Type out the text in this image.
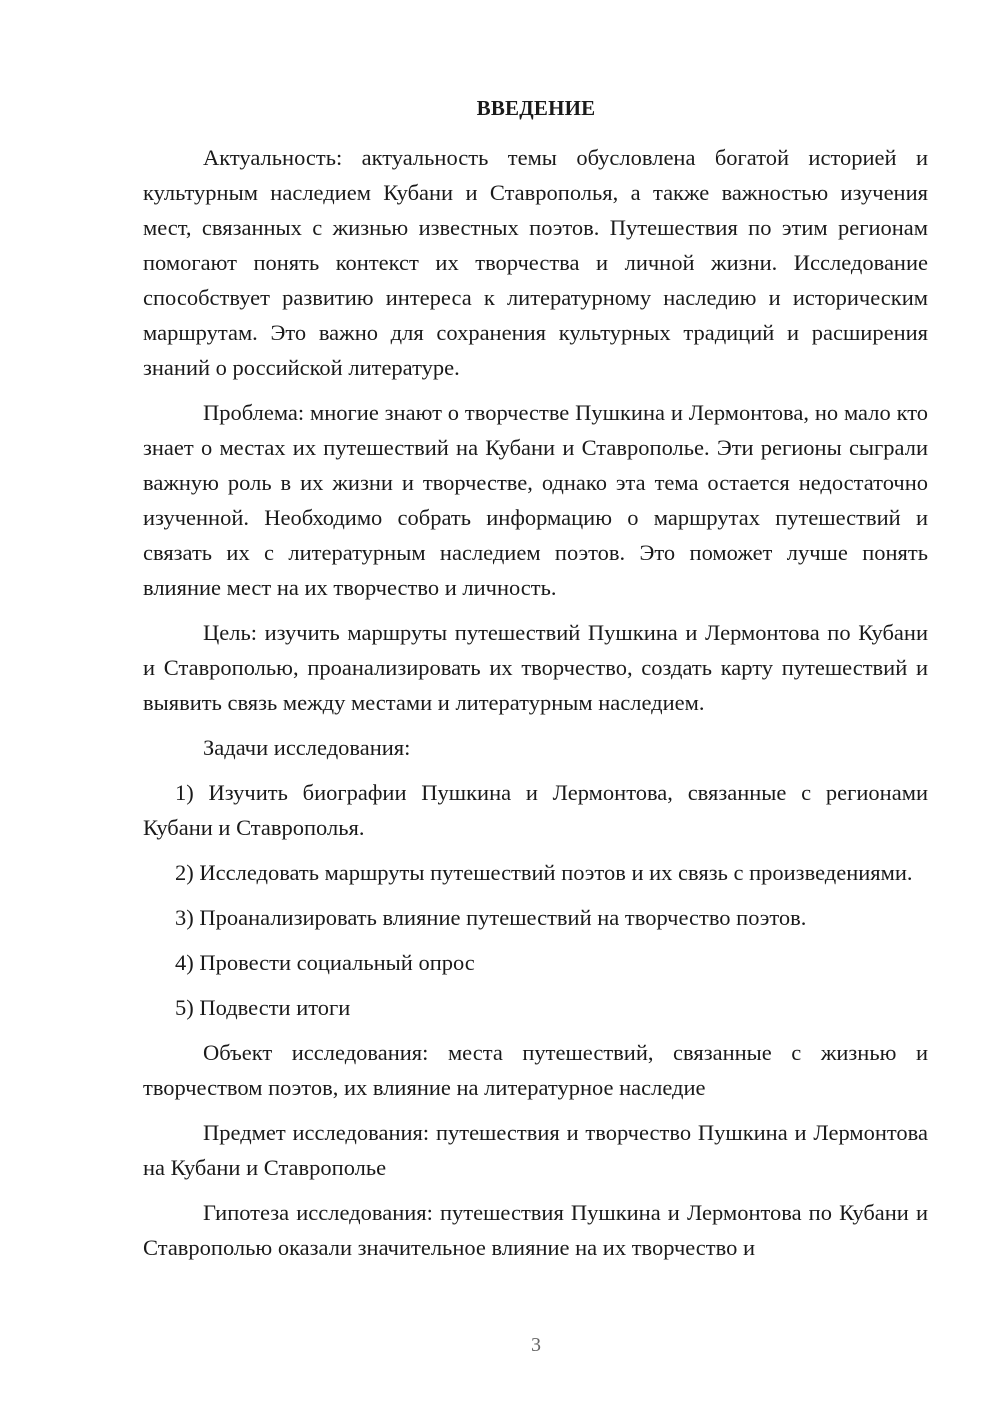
ВВЕДЕНИЕ

Актуальность: актуальность темы обусловлена богатой историей и культурным наследием Кубани и Ставрополья, а также важностью изучения мест, связанных с жизнью известных поэтов. Путешествия по этим регионам помогают понять контекст их творчества и личной жизни. Исследование способствует развитию интереса к литературному наследию и историческим маршрутам. Это важно для сохранения культурных традиций и расширения знаний о российской литературе.

Проблема: многие знают о творчестве Пушкина и Лермонтова, но мало кто знает о местах их путешествий на Кубани и Ставрополье. Эти регионы сыграли важную роль в их жизни и творчестве, однако эта тема остается недостаточно изученной. Необходимо собрать информацию о маршрутах путешествий и связать их с литературным наследием поэтов. Это поможет лучше понять влияние мест на их творчество и личность.

Цель: изучить маршруты путешествий Пушкина и Лермонтова по Кубани и Ставрополью, проанализировать их творчество, создать карту путешествий и выявить связь между местами и литературным наследием.

Задачи исследования:

1) Изучить биографии Пушкина и Лермонтова, связанные с регионами Кубани и Ставрополья.

2) Исследовать маршруты путешествий поэтов и их связь с произведениями.

3) Проанализировать влияние путешествий на творчество поэтов.

4) Провести социальный опрос

5) Подвести итоги

Объект исследования: места путешествий, связанные с жизнью и творчеством поэтов, их влияние на литературное наследие

Предмет исследования: путешествия и творчество Пушкина и Лермонтова на Кубани и Ставрополье

Гипотеза исследования: путешествия Пушкина и Лермонтова по Кубани и Ставрополью оказали значительное влияние на их творчество и

3
